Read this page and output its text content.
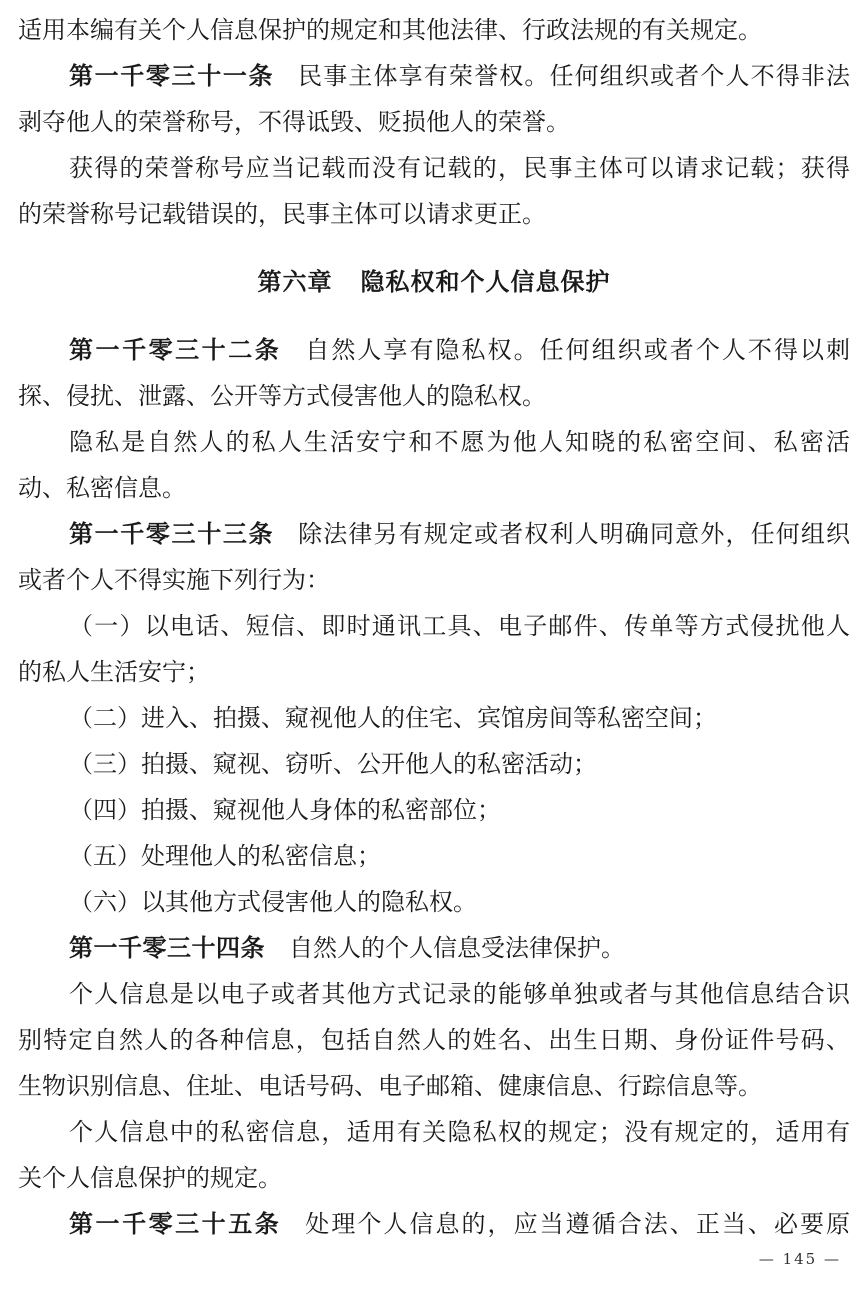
适用本编有关个人信息保护的规定和其他法律、行政法规的有关规定。
第一千零三十一条 民事主体享有荣誉权。任何组织或者个人不得非法
剥夺他人的荣誉称号，不得诋毁、贬损他人的荣誉。
获得的荣誉称号应当记载而没有记载的，民事主体可以请求记载；获得
的荣誉称号记载错误的，民事主体可以请求更正。
第六章 隐私权和个人信息保护
第一千零三十二条 自然人享有隐私权。任何组织或者个人不得以刺
探、侵扰、泄露、公开等方式侵害他人的隐私权。
隐私是自然人的私人生活安宁和不愿为他人知晓的私密空间、私密活
动、私密信息。
第一千零三十三条 除法律另有规定或者权利人明确同意外，任何组织
或者个人不得实施下列行为：
（一）以电话、短信、即时通讯工具、电子邮件、传单等方式侵扰他人
的私人生活安宁；
（二）进入、拍摄、窥视他人的住宅、宾馆房间等私密空间；
（三）拍摄、窥视、窃听、公开他人的私密活动；
（四）拍摄、窥视他人身体的私密部位；
（五）处理他人的私密信息；
（六）以其他方式侵害他人的隐私权。
第一千零三十四条 自然人的个人信息受法律保护。
个人信息是以电子或者其他方式记录的能够单独或者与其他信息结合识
别特定自然人的各种信息，包括自然人的姓名、出生日期、身份证件号码、
生物识别信息、住址、电话号码、电子邮箱、健康信息、行踪信息等。
个人信息中的私密信息，适用有关隐私权的规定；没有规定的，适用有
关个人信息保护的规定。
第一千零三十五条 处理个人信息的，应当遵循合法、正当、必要原
— 145 —
